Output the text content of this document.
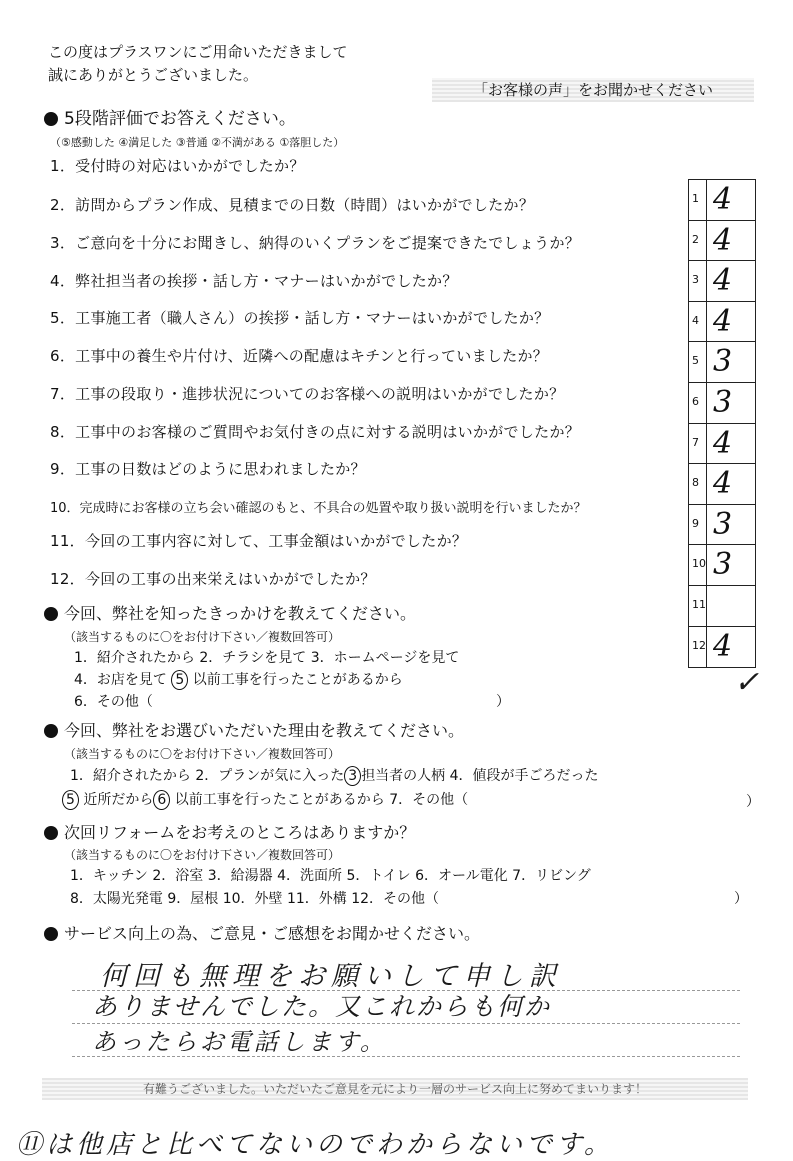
この度はプラスワンにご用命いただきまして
誠にありがとうございました。
「お客様の声」をお聞かせください
5段階評価でお答えください。
（⑤感動した ④満足した ③普通 ②不満がある ①落胆した）
1．受付時の対応はいかがでしたか？
2．訪問からプラン作成、見積までの日数（時間）はいかがでしたか？
3．ご意向を十分にお聞きし、納得のいくプランをご提案できたでしょうか？
4．弊社担当者の挨拶・話し方・マナーはいかがでしたか？
5．工事施工者（職人さん）の挨拶・話し方・マナーはいかがでしたか？
6．工事中の養生や片付け、近隣への配慮はキチンと行っていましたか？
7．工事の段取り・進捗状況についてのお客様への説明はいかがでしたか？
8．工事中のお客様のご質問やお気付きの点に対する説明はいかがでしたか？
9．工事の日数はどのように思われましたか？
10．完成時にお客様の立ち会い確認のもと、不具合の処置や取り扱い説明を行いましたか？
11．今回の工事内容に対して、工事金額はいかがでしたか？
12．今回の工事の出来栄えはいかがでしたか？
1 4
2 4
3 4
4 4
5 3
6 3
7 4
8 4
9 3
10 3
11
12 4
✓
今回、弊社を知ったきっかけを教えてください。
（該当するものに〇をお付け下さい／複数回答可）
1．紹介されたから 2．チラシを見て 3．ホームページを見て
4．お店を見て 5 以前工事を行ったことがあるから
6．その他（	）
今回、弊社をお選びいただいた理由を教えてください。
（該当するものに〇をお付け下さい／複数回答可）
1．紹介されたから 2．プランが気に入った 3 担当者の人柄 4．値段が手ごろだった
5 近所だから 6 以前工事を行ったことがあるから 7．その他（	）
次回リフォームをお考えのところはありますか？
（該当するものに〇をお付け下さい／複数回答可）
1．キッチン 2．浴室 3．給湯器 4．洗面所 5．トイレ 6．オール電化 7．リビング
8．太陽光発電 9．屋根 10．外壁 11．外構 12．その他（	）
サービス向上の為、ご意見・ご感想をお聞かせください。
何回も無理をお願いして申し訳
ありませんでした。又これからも何か
あったらお電話します。
有難うございました。いただいたご意見を元により一層のサービス向上に努めてまいります！
⑪は他店と比べてないのでわからないです。
